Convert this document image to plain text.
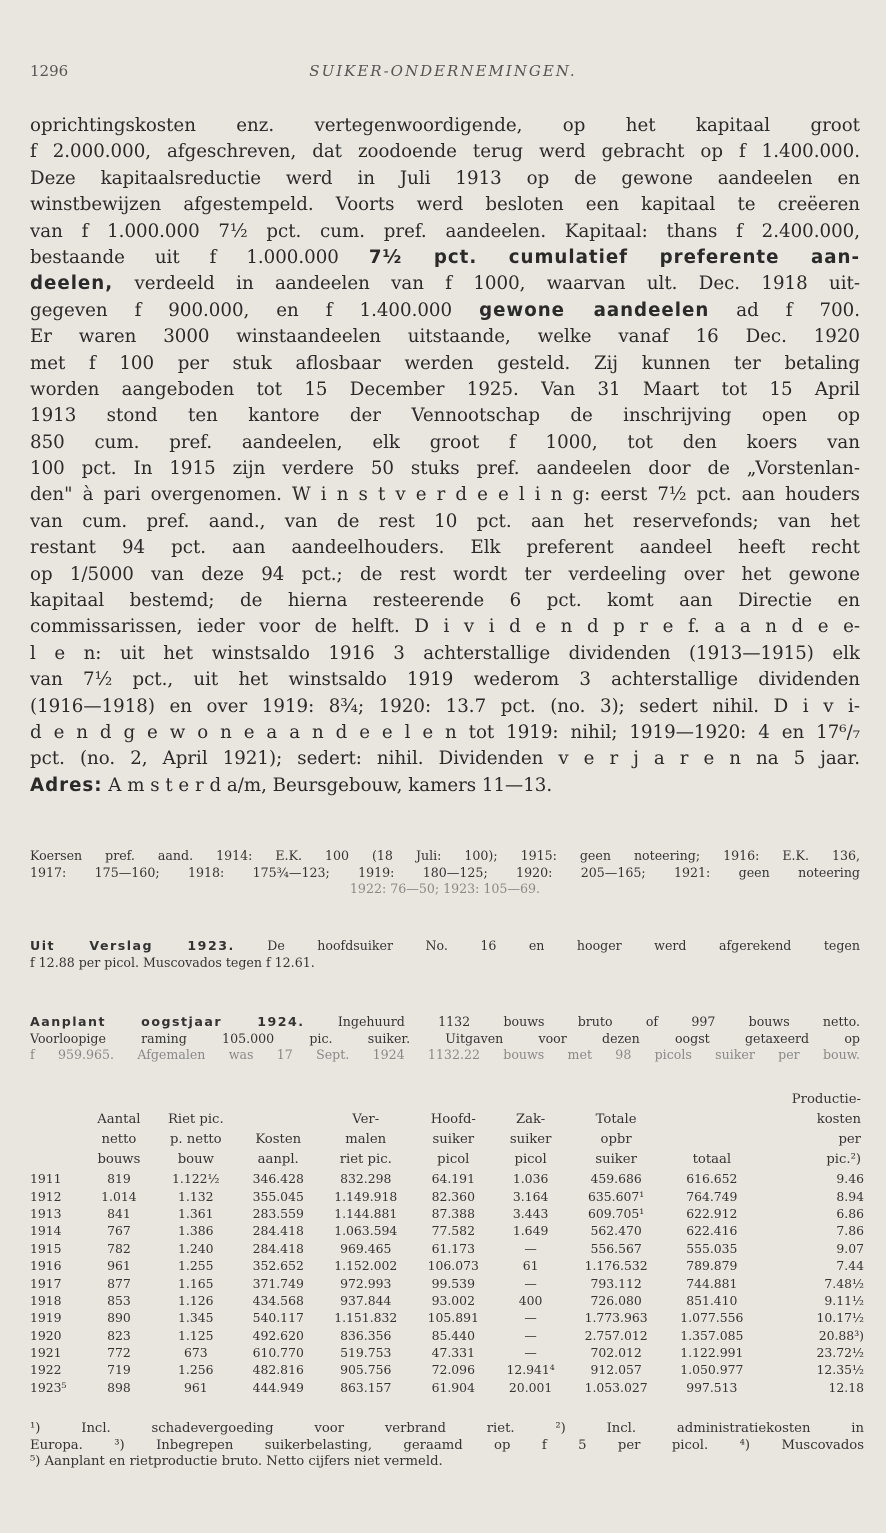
1296	SUIKER-ONDERNEMINGEN.
oprichtingskosten enz. vertegenwoordigende, op het kapitaal groot
f 2.000.000, afgeschreven, dat zoodoende terug werd gebracht op f 1.400.000.
Deze kapitaalsreductie werd in Juli 1913 op de gewone aandeelen en
winstbewijzen afgestempeld. Voorts werd besloten een kapitaal te creëeren
van f 1.000.000 7½ pct. cum. pref. aandeelen. Kapitaal: thans f 2.400.000,
bestaande uit f 1.000.000 7½ pct. cumulatief preferente aan-
deelen, verdeeld in aandeelen van f 1000, waarvan ult. Dec. 1918 uit-
gegeven f 900.000, en f 1.400.000 gewone aandeelen ad f 700.
Er waren 3000 winstaandeelen uitstaande, welke vanaf 16 Dec. 1920
met f 100 per stuk aflosbaar werden gesteld. Zij kunnen ter betaling
worden aangeboden tot 15 December 1925. Van 31 Maart tot 15 April
1913 stond ten kantore der Vennootschap de inschrijving open op
850 cum. pref. aandeelen, elk groot f 1000, tot den koers van
100 pct. In 1915 zijn verdere 50 stuks pref. aandeelen door de „Vorstenlan-
den" à pari overgenomen. W i n s t v e r d e e l i n g: eerst 7½ pct. aan houders
van cum. pref. aand., van de rest 10 pct. aan het reservefonds; van het
restant 94 pct. aan aandeelhouders. Elk preferent aandeel heeft recht
op 1/5000 van deze 94 pct.; de rest wordt ter verdeeling over het gewone
kapitaal bestemd; de hierna resteerende 6 pct. komt aan Directie en
commissarissen, ieder voor de helft. D i v i d e n d p r e f. a a n d e e-
l e n: uit het winstsaldo 1916 3 achterstallige dividenden (1913—1915) elk
van 7½ pct., uit het winstsaldo 1919 wederom 3 achterstallige dividenden
(1916—1918) en over 1919: 8¾; 1920: 13.7 pct. (no. 3); sedert nihil. D i v i-
d e n d g e w o n e a a n d e e l e n tot 1919: nihil; 1919—1920: 4 en 17⁶/₇
pct. (no. 2, April 1921); sedert: nihil. Dividenden v e r j a r e n na 5 jaar.
Adres: A m s t e r d a/m, Beursgebouw, kamers 11—13.
Koersen pref. aand. 1914: E.K. 100 (18 Juli: 100); 1915: geen noteering; 1916: E.K. 136,
1917: 175—160; 1918: 175¾—123; 1919: 180—125; 1920: 205—165; 1921: geen noteering
1922: 76—50; 1923: 105—69.
Uit Verslag 1923. De hoofdsuiker No. 16 en hooger werd afgerekend tegen
f 12.88 per picol. Muscovados tegen f 12.61.
Aanplant oogstjaar 1924. Ingehuurd 1132 bouws bruto of 997 bouws netto.
Voorloopige raming 105.000 pic. suiker. Uitgaven voor dezen oogst getaxeerd op
f 959.965. Afgemalen was 17 Sept. 1924 1132.22 bouws met 98 picols suiker per bouw.
									Productie-
	Aantal	Riet pic.		Ver-	Hoofd-	Zak-	Totale		kosten
	netto	p. netto	Kosten	malen	suiker	suiker	opbr		per
	bouws	bouw	aanpl.	riet pic.	picol	picol	suiker	totaal	pic.²)
1911	819	1.122½	346.428	832.298	64.191	1.036	459.686	616.652	9.46
1912	1.014	1.132	355.045	1.149.918	82.360	3.164	635.607¹	764.749	8.94
1913	841	1.361	283.559	1.144.881	87.388	3.443	609.705¹	622.912	6.86
1914	767	1.386	284.418	1.063.594	77.582	1.649	562.470	622.416	7.86
1915	782	1.240	284.418	969.465	61.173	—	556.567	555.035	9.07
1916	961	1.255	352.652	1.152.002	106.073	61	1.176.532	789.879	7.44
1917	877	1.165	371.749	972.993	99.539	—	793.112	744.881	7.48½
1918	853	1.126	434.568	937.844	93.002	400	726.080	851.410	9.11½
1919	890	1.345	540.117	1.151.832	105.891	—	1.773.963	1.077.556	10.17½
1920	823	1.125	492.620	836.356	85.440	—	2.757.012	1.357.085	20.88³)
1921	772	673	610.770	519.753	47.331	—	702.012	1.122.991	23.72½
1922	719	1.256	482.816	905.756	72.096	12.941⁴	912.057	1.050.977	12.35½
1923⁵	898	961	444.949	863.157	61.904	20.001	1.053.027	997.513	12.18
¹) Incl. schadevergoeding voor verbrand riet. ²) Incl. administratiekosten in
Europa. ³) Inbegrepen suikerbelasting, geraamd op f 5 per picol. ⁴) Muscovados
⁵) Aanplant en rietproductie bruto. Netto cijfers niet vermeld.
